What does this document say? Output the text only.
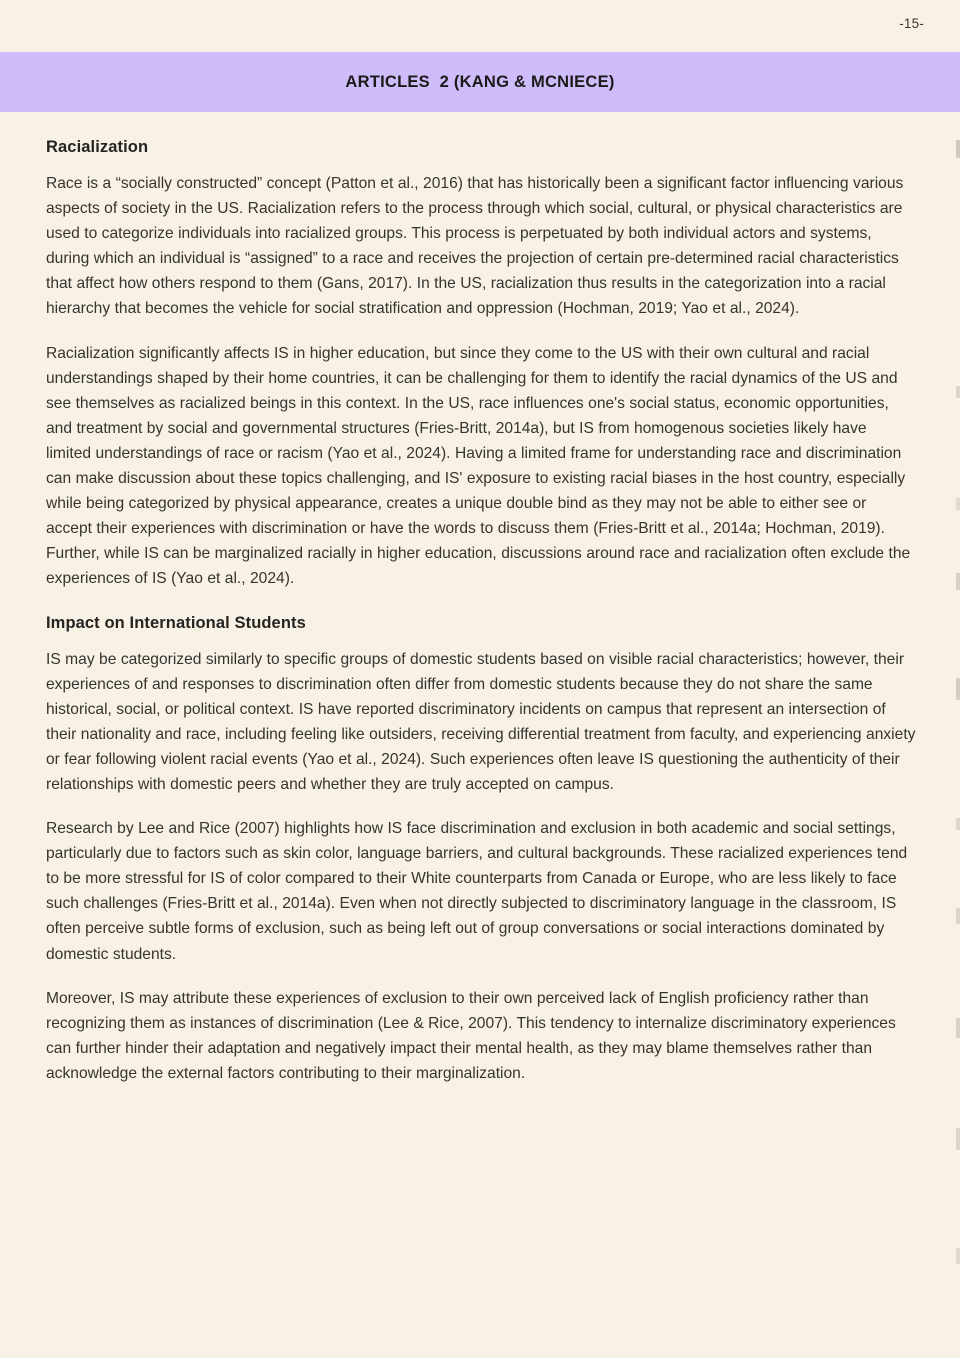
-15-
ARTICLES  2 (KANG & MCNIECE)
Racialization

Race is a “socially constructed” concept (Patton et al., 2016) that has historically been a significant factor influencing various aspects of society in the US. Racialization refers to the process through which social, cultural, or physical characteristics are used to categorize individuals into racialized groups. This process is perpetuated by both individual actors and systems, during which an individual is “assigned” to a race and receives the projection of certain pre-determined racial characteristics that affect how others respond to them (Gans, 2017). In the US, racialization thus results in the categorization into a racial hierarchy that becomes the vehicle for social stratification and oppression (Hochman, 2019; Yao et al., 2024).

Racialization significantly affects IS in higher education, but since they come to the US with their own cultural and racial understandings shaped by their home countries, it can be challenging for them to identify the racial dynamics of the US and see themselves as racialized beings in this context. In the US, race influences one's social status, economic opportunities, and treatment by social and governmental structures (Fries-Britt, 2014a), but IS from homogenous societies likely have limited understandings of race or racism (Yao et al., 2024). Having a limited frame for understanding race and discrimination can make discussion about these topics challenging, and IS' exposure to existing racial biases in the host country, especially while being categorized by physical appearance, creates a unique double bind as they may not be able to either see or accept their experiences with discrimination or have the words to discuss them (Fries-Britt et al., 2014a; Hochman, 2019). Further, while IS can be marginalized racially in higher education, discussions around race and racialization often exclude the experiences of IS (Yao et al., 2024).

Impact on International Students

IS may be categorized similarly to specific groups of domestic students based on visible racial characteristics; however, their experiences of and responses to discrimination often differ from domestic students because they do not share the same historical, social, or political context. IS have reported discriminatory incidents on campus that represent an intersection of their nationality and race, including feeling like outsiders, receiving differential treatment from faculty, and experiencing anxiety or fear following violent racial events (Yao et al., 2024). Such experiences often leave IS questioning the authenticity of their relationships with domestic peers and whether they are truly accepted on campus.

Research by Lee and Rice (2007) highlights how IS face discrimination and exclusion in both academic and social settings, particularly due to factors such as skin color, language barriers, and cultural backgrounds. These racialized experiences tend to be more stressful for IS of color compared to their White counterparts from Canada or Europe, who are less likely to face such challenges (Fries-Britt et al., 2014a). Even when not directly subjected to discriminatory language in the classroom, IS often perceive subtle forms of exclusion, such as being left out of group conversations or social interactions dominated by domestic students.

Moreover, IS may attribute these experiences of exclusion to their own perceived lack of English proficiency rather than recognizing them as instances of discrimination (Lee & Rice, 2007). This tendency to internalize discriminatory experiences can further hinder their adaptation and negatively impact their mental health, as they may blame themselves rather than acknowledge the external factors contributing to their marginalization.
